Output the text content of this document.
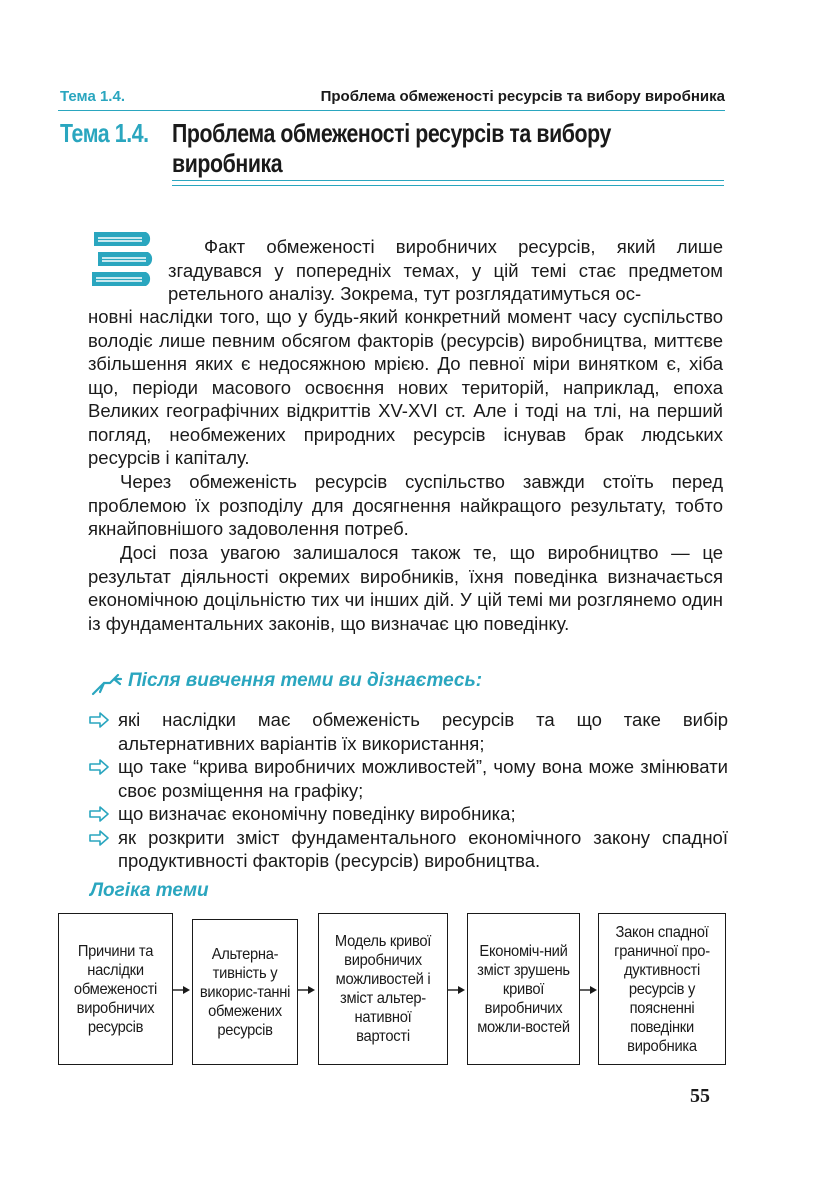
Тема 1.4.	Проблема обмеженості ресурсів та вибору виробника
Тема 1.4. Проблема обмеженості ресурсів та вибору виробника
Факт обмеженості виробничих ресурсів, який лише згадувався у попередніх темах, у цій темі стає предметом ретельного аналізу. Зокрема, тут розглядатимуться ос-
новні наслідки того, що у будь-який конкретний момент часу суспільство володіє лише певним обсягом факторів (ресурсів) виробництва, миттєве збільшення яких є недосяжною мрією. До певної міри винятком є, хіба що, періоди масового освоєння нових територій, наприклад, епоха Великих географічних відкриттів XV-XVI ст. Але і тоді на тлі, на перший погляд, необмежених природних ресурсів існував брак людських ресурсів і капіталу.
Через обмеженість ресурсів суспільство завжди стоїть перед проблемою їх розподілу для досягнення найкращого результату, тобто якнайповнішого задоволення потреб.
Досі поза увагою залишалося також те, що виробництво — це результат діяльності окремих виробників, їхня поведінка визначається економічною доцільністю тих чи інших дій. У цій темі ми розглянемо один із фундаментальних законів, що визначає цю поведінку.
Після вивчення теми ви дізнаєтесь:
які наслідки має обмеженість ресурсів та що таке вибір альтернативних варіантів їх використання;
що таке “крива виробничих можливостей”, чому вона може змінювати своє розміщення на графіку;
що визначає економічну поведінку виробника;
як розкрити зміст фундаментального економічного закону спадної продуктивності факторів (ресурсів) виробництва.
Логіка теми
Причини та наслідки обмеженості виробничих ресурсів
Альтерна-тивність у викорис-танні обмежених ресурсів
Модель кривої виробничих можливостей і зміст альтер-нативної вартості
Економіч-ний зміст зрушень кривої виробничих можли-востей
Закон спадної граничної про-дуктивності ресурсів у поясненні поведінки виробника
55
